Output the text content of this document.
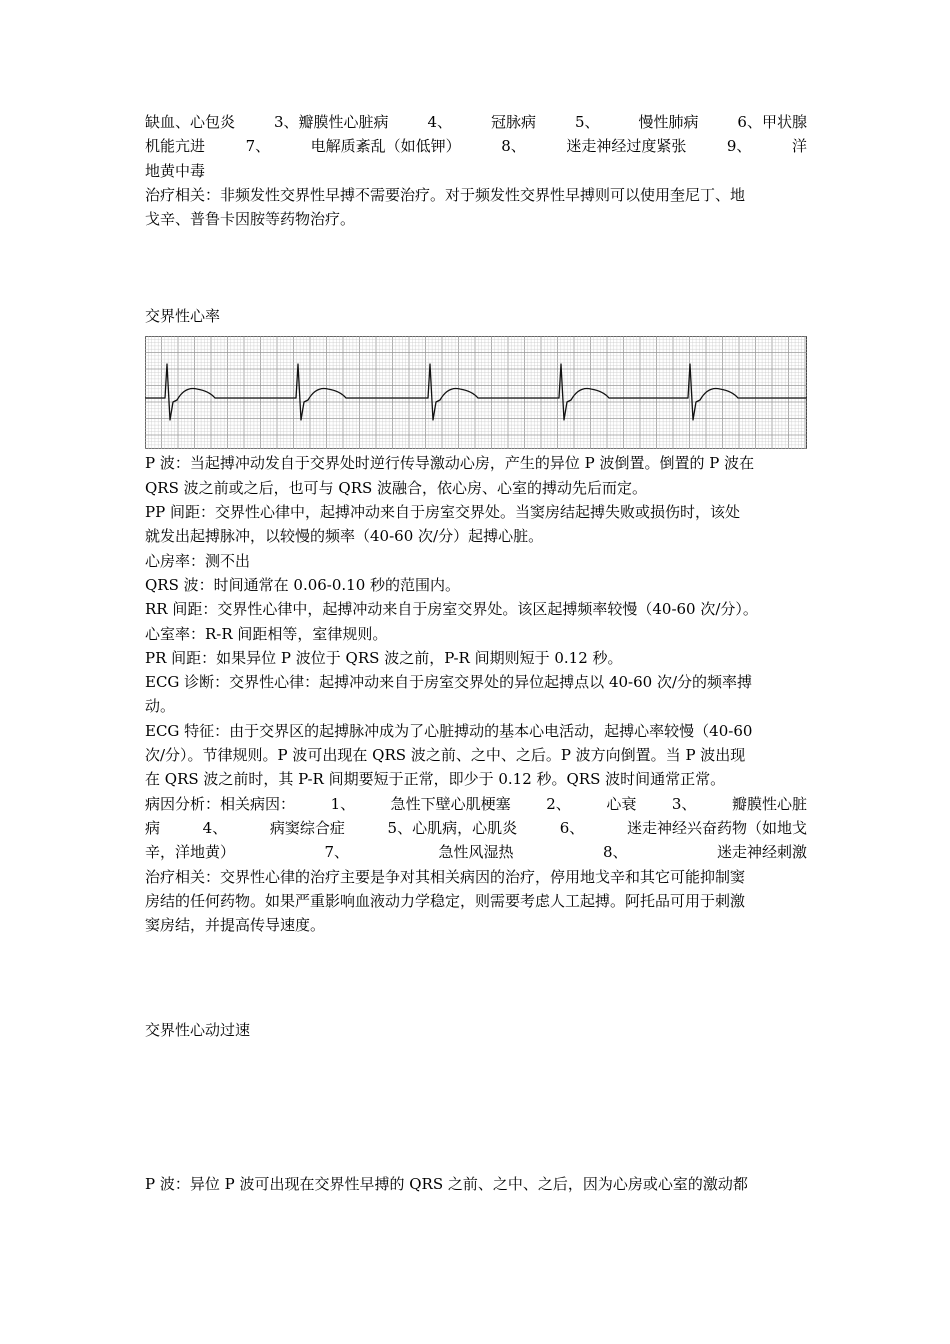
缺血、心包炎	3、瓣膜性心脏病	4、	冠脉病	5、	慢性肺病	6、甲状腺
机能亢进	7、	电解质紊乱（如低钾）	8、	迷走神经过度紧张	9、	洋
地黄中毒
治疗相关：非频发性交界性早搏不需要治疗。对于频发性交界性早搏则可以使用奎尼丁、地
戈辛、普鲁卡因胺等药物治疗。
交界性心率
P 波：当起搏冲动发自于交界处时逆行传导激动心房，产生的异位 P 波倒置。倒置的 P 波在
QRS 波之前或之后，也可与 QRS 波融合，依心房、心室的搏动先后而定。
PP 间距：交界性心律中，起搏冲动来自于房室交界处。当窦房结起搏失败或损伤时，该处
就发出起搏脉冲，以较慢的频率（40-60 次/分）起搏心脏。
心房率：测不出
QRS 波：时间通常在 0.06-0.10 秒的范围内。
RR 间距：交界性心律中，起搏冲动来自于房室交界处。该区起搏频率较慢（40-60 次/分）。
心室率：R-R 间距相等，室律规则。
PR 间距：如果异位 P 波位于 QRS 波之前，P-R 间期则短于 0.12 秒。
ECG 诊断：交界性心律：起搏冲动来自于房室交界处的异位起搏点以 40-60 次/分的频率搏
动。
ECG 特征：由于交界区的起搏脉冲成为了心脏搏动的基本心电活动，起搏心率较慢（40-60
次/分）。节律规则。P 波可出现在 QRS 波之前、之中、之后。P 波方向倒置。当 P 波出现
在 QRS 波之前时，其 P-R 间期要短于正常，即少于 0.12 秒。QRS 波时间通常正常。
病因分析：相关病因： 1、 急性下壁心肌梗塞 2、 心衰 3、 瓣膜性心脏
病	4、	病窦综合症	5、心肌病，心肌炎	6、	迷走神经兴奋药物（如地戈
辛，洋地黄）	7、	急性风湿热	8、	迷走神经刺激
治疗相关：交界性心律的治疗主要是争对其相关病因的治疗，停用地戈辛和其它可能抑制窦
房结的任何药物。如果严重影响血液动力学稳定，则需要考虑人工起搏。阿托品可用于刺激
窦房结，并提高传导速度。
交界性心动过速
P 波：异位 P 波可出现在交界性早搏的 QRS 之前、之中、之后，因为心房或心室的激动都
